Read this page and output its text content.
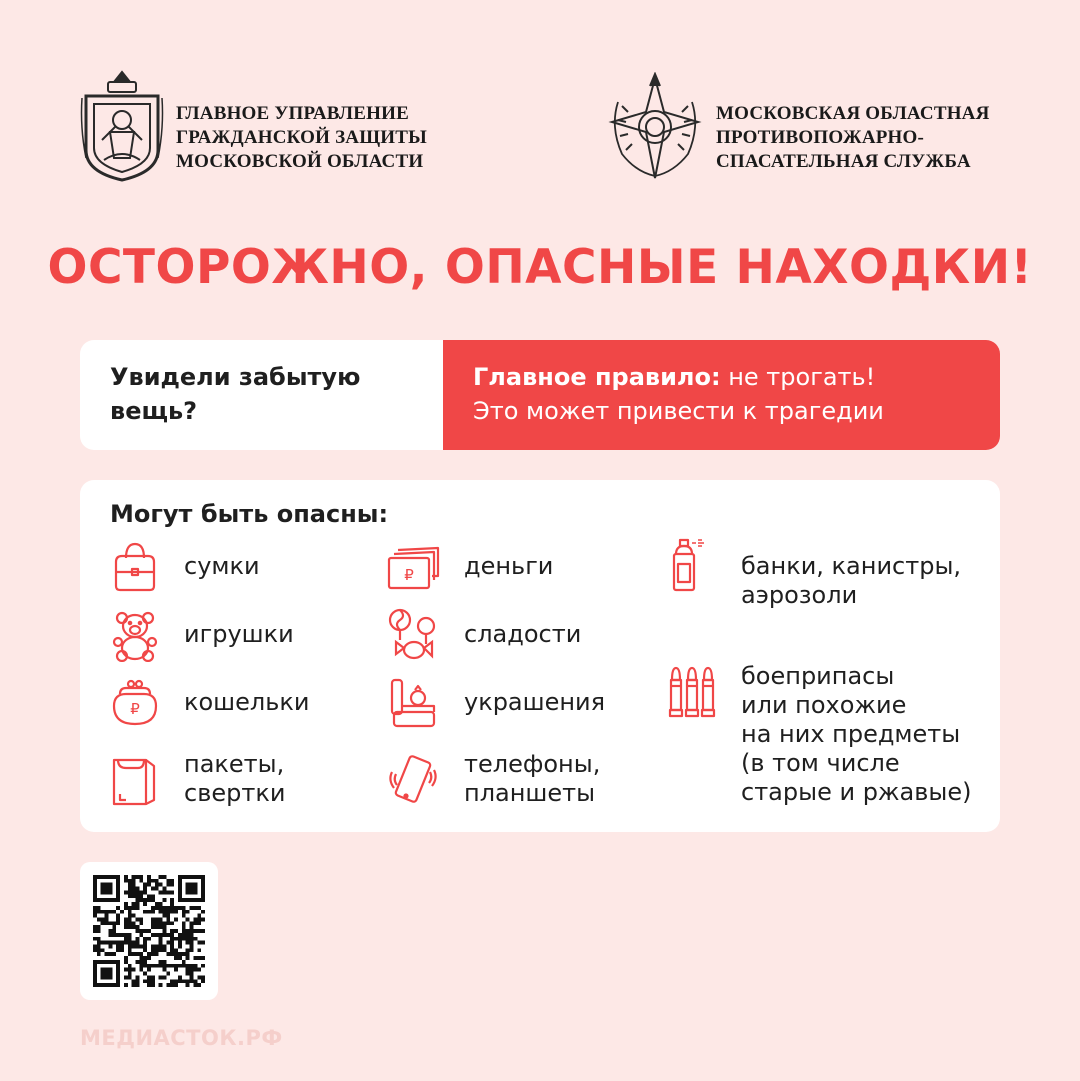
ГЛАВНОЕ УПРАВЛЕНИЕ
ГРАЖДАНСКОЙ ЗАЩИТЫ
МОСКОВСКОЙ ОБЛАСТИ
МОСКОВСКАЯ ОБЛАСТНАЯ
ПРОТИВОПОЖАРНО-
СПАСАТЕЛЬНАЯ СЛУЖБА
ОСТОРОЖНО, ОПАСНЫЕ НАХОДКИ!
Увидели забытую
вещь?
Главное правило: не трогать!
Это может привести к трагедии
Могут быть опасны:
сумки
игрушки
₽ кошельки
пакеты,
свертки
₽ деньги
сладости
украшения
телефоны,
планшеты
банки, канистры,
аэрозоли
боеприпасы
или похожие
на них предметы
(в том числе
старые и ржавые)
МЕДИАСТОК.РФ
